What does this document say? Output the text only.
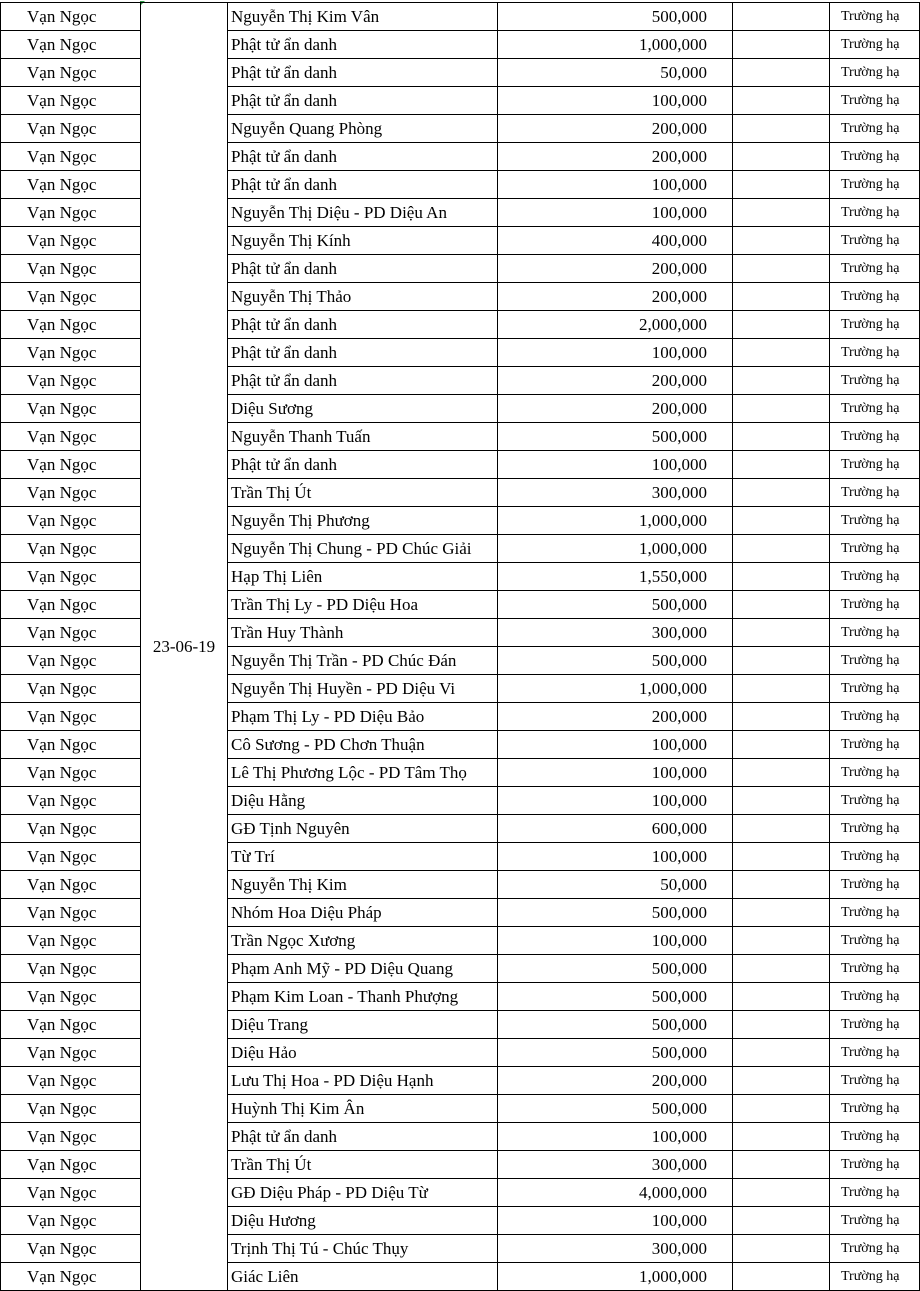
Vạn Ngọc	23-06-19	Nguyễn Thị Kim Vân	500,000		Trường hạ
Vạn Ngọc		Phật tử ẩn danh	1,000,000		Trường hạ
Vạn Ngọc		Phật tử ẩn danh	50,000		Trường hạ
Vạn Ngọc		Phật tử ẩn danh	100,000		Trường hạ
Vạn Ngọc		Nguyễn Quang Phòng	200,000		Trường hạ
Vạn Ngọc		Phật tử ẩn danh	200,000		Trường hạ
Vạn Ngọc		Phật tử ẩn danh	100,000		Trường hạ
Vạn Ngọc		Nguyễn Thị Diệu - PD Diệu An	100,000		Trường hạ
Vạn Ngọc		Nguyễn Thị Kính	400,000		Trường hạ
Vạn Ngọc		Phật tử ẩn danh	200,000		Trường hạ
Vạn Ngọc		Nguyễn Thị Thảo	200,000		Trường hạ
Vạn Ngọc		Phật tử ẩn danh	2,000,000		Trường hạ
Vạn Ngọc		Phật tử ẩn danh	100,000		Trường hạ
Vạn Ngọc		Phật tử ẩn danh	200,000		Trường hạ
Vạn Ngọc		Diệu Sương	200,000		Trường hạ
Vạn Ngọc		Nguyễn Thanh Tuấn	500,000		Trường hạ
Vạn Ngọc		Phật tử ẩn danh	100,000		Trường hạ
Vạn Ngọc		Trần Thị Út	300,000		Trường hạ
Vạn Ngọc		Nguyễn Thị Phương	1,000,000		Trường hạ
Vạn Ngọc		Nguyễn Thị Chung - PD Chúc Giải	1,000,000		Trường hạ
Vạn Ngọc		Hạp Thị Liên	1,550,000		Trường hạ
Vạn Ngọc		Trần Thị Ly - PD Diệu Hoa	500,000		Trường hạ
Vạn Ngọc		Trần Huy Thành	300,000		Trường hạ
Vạn Ngọc		Nguyễn Thị Trần - PD Chúc Đán	500,000		Trường hạ
Vạn Ngọc		Nguyễn Thị Huyền - PD Diệu Vi	1,000,000		Trường hạ
Vạn Ngọc		Phạm Thị Ly - PD Diệu Bảo	200,000		Trường hạ
Vạn Ngọc		Cô Sương - PD Chơn Thuận	100,000		Trường hạ
Vạn Ngọc		Lê Thị Phương Lộc - PD Tâm Thọ	100,000		Trường hạ
Vạn Ngọc		Diệu Hằng	100,000		Trường hạ
Vạn Ngọc		GĐ Tịnh Nguyên	600,000		Trường hạ
Vạn Ngọc		Từ Trí	100,000		Trường hạ
Vạn Ngọc		Nguyễn Thị Kim	50,000		Trường hạ
Vạn Ngọc		Nhóm Hoa Diệu Pháp	500,000		Trường hạ
Vạn Ngọc		Trần Ngọc Xương	100,000		Trường hạ
Vạn Ngọc		Phạm Anh Mỹ - PD Diệu Quang	500,000		Trường hạ
Vạn Ngọc		Phạm Kim Loan - Thanh Phượng	500,000		Trường hạ
Vạn Ngọc		Diệu Trang	500,000		Trường hạ
Vạn Ngọc		Diệu Hảo	500,000		Trường hạ
Vạn Ngọc		Lưu Thị Hoa - PD Diệu Hạnh	200,000		Trường hạ
Vạn Ngọc		Huỳnh Thị Kim Ân	500,000		Trường hạ
Vạn Ngọc		Phật tử ẩn danh	100,000		Trường hạ
Vạn Ngọc		Trần Thị Út	300,000		Trường hạ
Vạn Ngọc		GĐ Diệu Pháp - PD Diệu Từ	4,000,000		Trường hạ
Vạn Ngọc		Diệu Hương	100,000		Trường hạ
Vạn Ngọc		Trịnh Thị Tú - Chúc Thụy	300,000		Trường hạ
Vạn Ngọc		Giác Liên	1,000,000		Trường hạ
